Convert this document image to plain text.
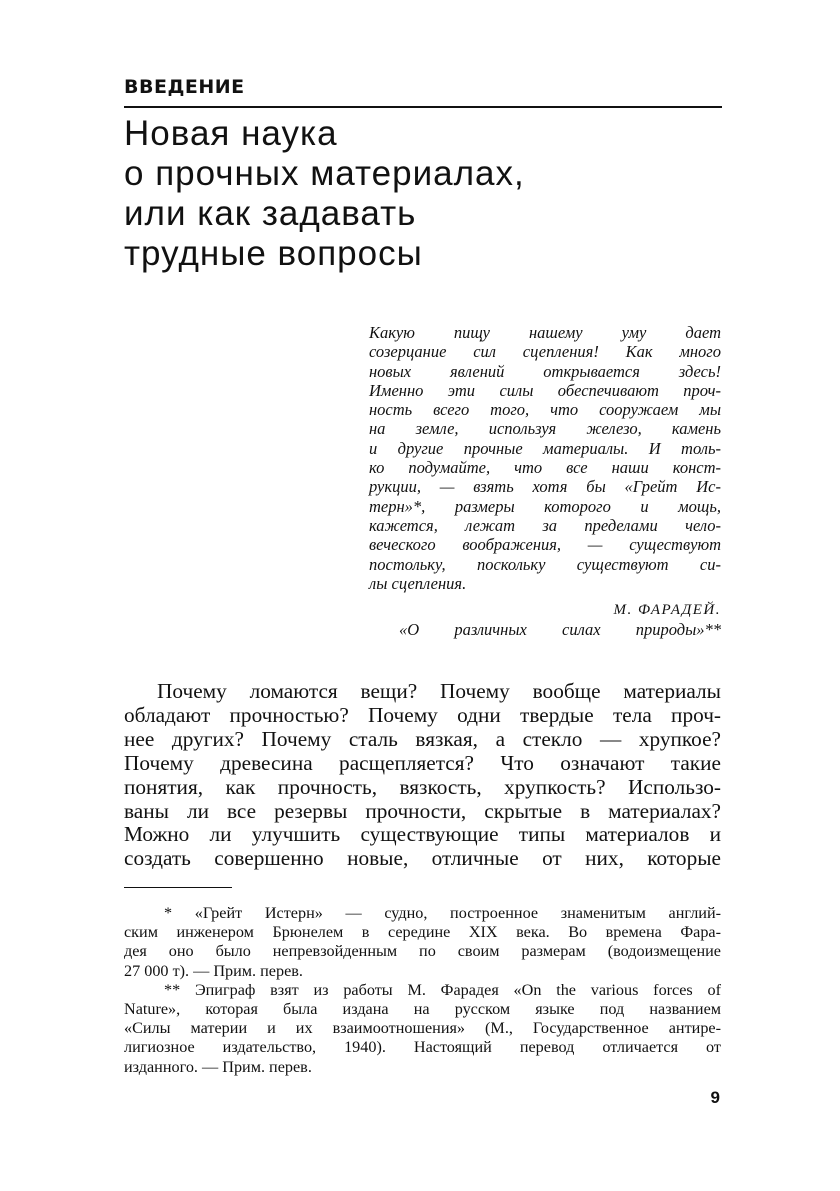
ВВЕДЕНИЕ
Новая наука
о прочных материалах,
или как задавать
трудные вопросы
Какую пищу нашему уму дает
созерцание сил сцепления! Как много
новых явлений открывается здесь!
Именно эти силы обеспечивают проч-
ность всего того, что сооружаем мы
на земле, используя железо, камень
и другие прочные материалы. И толь-
ко подумайте, что все наши конст-
рукции, — взять хотя бы «Грейт Ис-
терн»*, размеры которого и мощь,
кажется, лежат за пределами чело-
веческого воображения, — существуют
постольку, поскольку существуют си-
лы сцепления.
М. ФАРАДЕЙ.
«О различных силах природы»**
Почему ломаются вещи? Почему вообще материалы
обладают прочностью? Почему одни твердые тела проч-
нее других? Почему сталь вязкая, а стекло — хрупкое?
Почему древесина расщепляется? Что означают такие
понятия, как прочность, вязкость, хрупкость? Использо-
ваны ли все резервы прочности, скрытые в материалах?
Можно ли улучшить существующие типы материалов и
создать совершенно новые, отличные от них, которые
* «Грейт Истерн» — судно, построенное знаменитым англий-
ским инженером Брюнелем в середине XIX века. Во времена Фара-
дея оно было непревзойденным по своим размерам (водоизмещение
27 000 т). — Прим. перев.
** Эпиграф взят из работы М. Фарадея «On the various forces of
Nature», которая была издана на русском языке под названием
«Силы материи и их взаимоотношения» (М., Государственное антире-
лигиозное издательство, 1940). Настоящий перевод отличается от
изданного. — Прим. перев.
9
